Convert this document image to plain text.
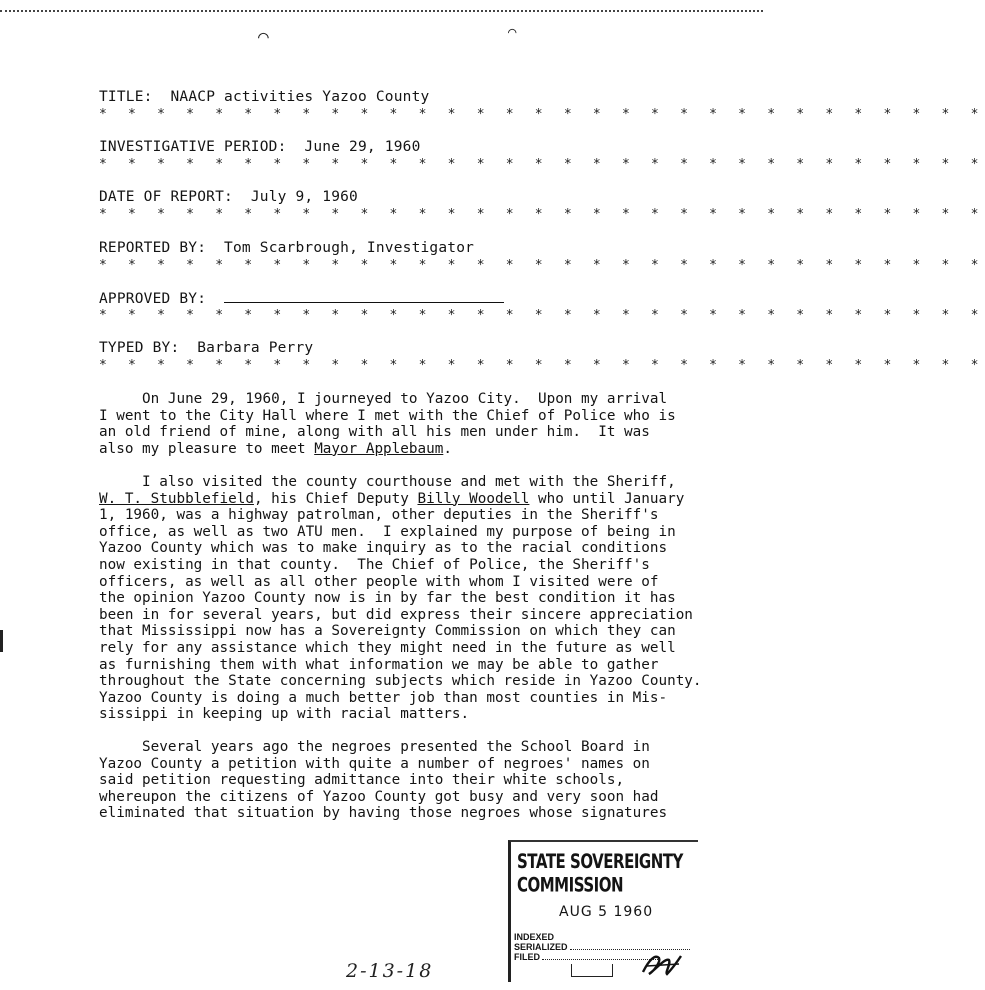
⌒	⌒
TITLE: NAACP activities Yazoo County
* * * * * * * * * * * * * * * * * * * * * * * * * * * * * * *
INVESTIGATIVE PERIOD: June 29, 1960
* * * * * * * * * * * * * * * * * * * * * * * * * * * * * * *
DATE OF REPORT: July 9, 1960
* * * * * * * * * * * * * * * * * * * * * * * * * * * * * * *
REPORTED BY: Tom Scarbrough, Investigator
* * * * * * * * * * * * * * * * * * * * * * * * * * * * * * *
APPROVED BY:
* * * * * * * * * * * * * * * * * * * * * * * * * * * * * * *
TYPED BY: Barbara Perry
* * * * * * * * * * * * * * * * * * * * * * * * * * * * * * *
On June 29, 1960, I journeyed to Yazoo City.  Upon my arrival
I went to the City Hall where I met with the Chief of Police who is
an old friend of mine, along with all his men under him.  It was
also my pleasure to meet Mayor Applebaum.
I also visited the county courthouse and met with the Sheriff,
W. T. Stubblefield, his Chief Deputy Billy Woodell who until January
1, 1960, was a highway patrolman, other deputies in the Sheriff's
office, as well as two ATU men.  I explained my purpose of being in
Yazoo County which was to make inquiry as to the racial conditions
now existing in that county.  The Chief of Police, the Sheriff's
officers, as well as all other people with whom I visited were of
the opinion Yazoo County now is in by far the best condition it has
been in for several years, but did express their sincere appreciation
that Mississippi now has a Sovereignty Commission on which they can
rely for any assistance which they might need in the future as well
as furnishing them with what information we may be able to gather
throughout the State concerning subjects which reside in Yazoo County.
Yazoo County is doing a much better job than most counties in Mis-
sissippi in keeping up with racial matters.
Several years ago the negroes presented the School Board in
Yazoo County a petition with quite a number of negroes' names on
said petition requesting admittance into their white schools,
whereupon the citizens of Yazoo County got busy and very soon had
eliminated that situation by having those negroes whose signatures
STATE SOVEREIGNTY COMMISSION
AUG 5 1960
INDEXED
SERIALIZED
FILED
2-13-18
